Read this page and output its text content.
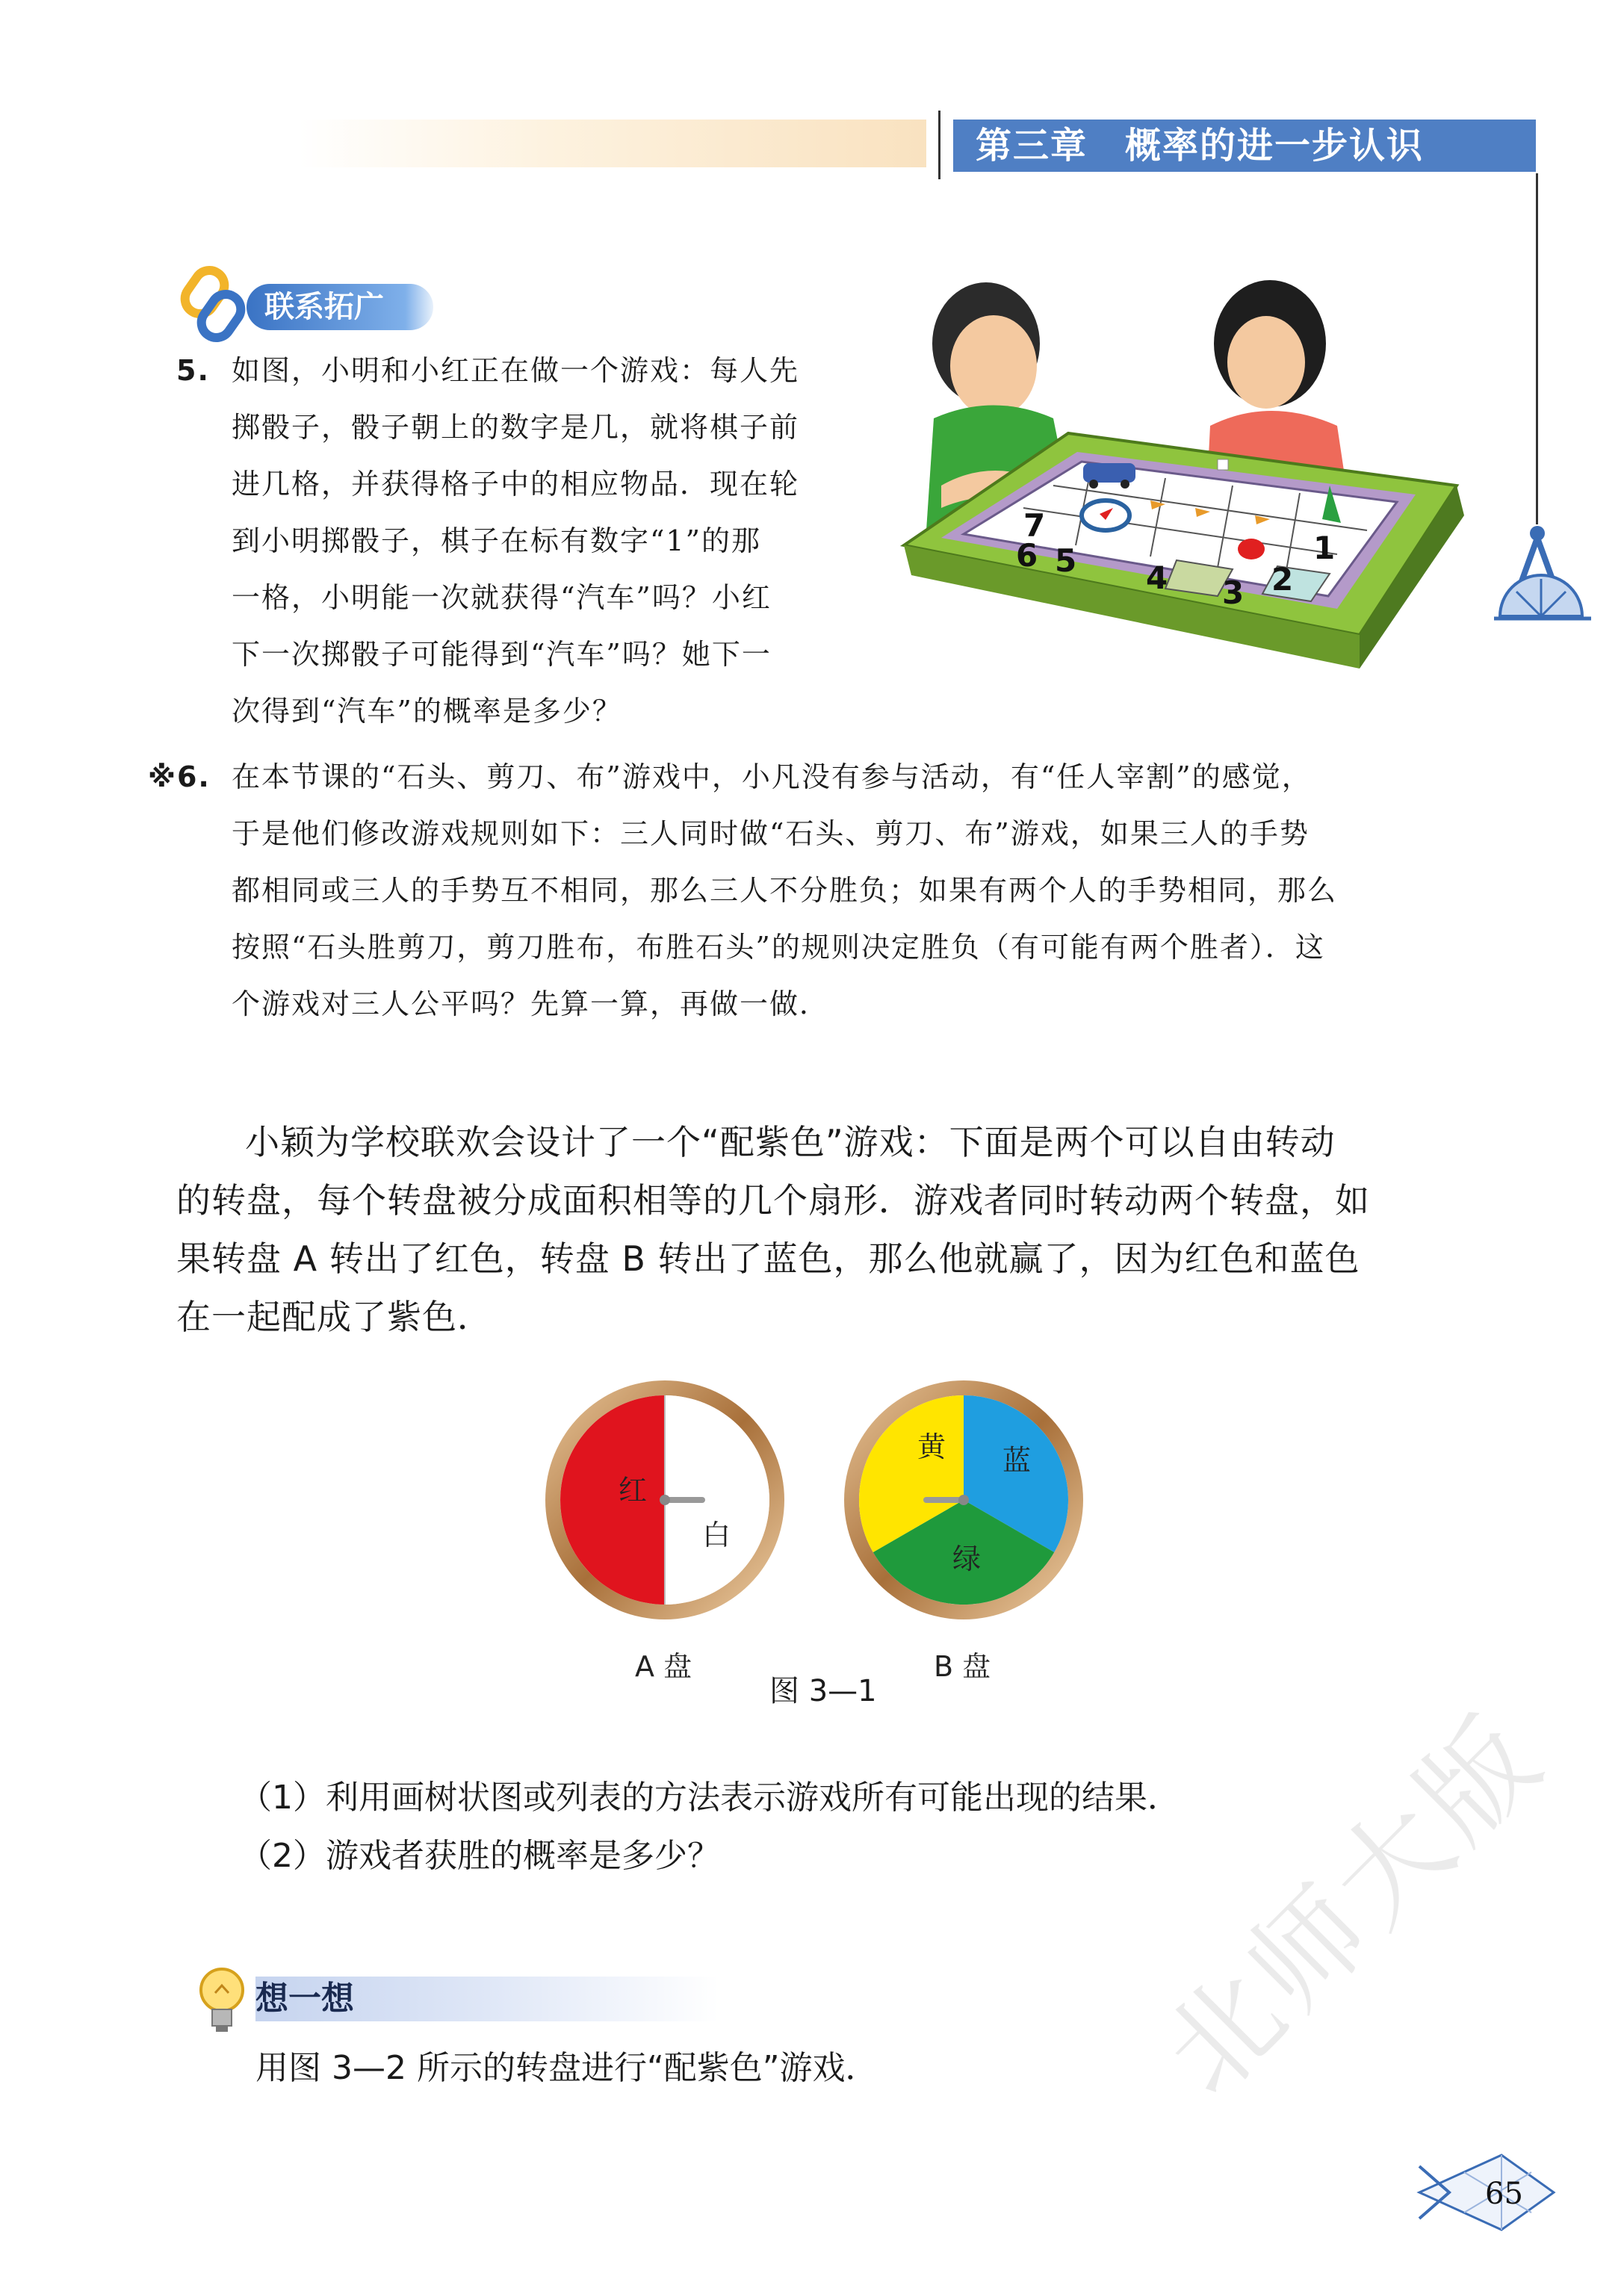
第三章　概率的进一步认识
联系拓广
5. 如图，小明和小红正在做一个游戏：每人先
掷骰子，骰子朝上的数字是几，就将棋子前
进几格，并获得格子中的相应物品．现在轮
到小明掷骰子，棋子在标有数字“1”的那
一格，小明能一次就获得“汽车”吗？小红
下一次掷骰子可能得到“汽车”吗？她下一
次得到“汽车”的概率是多少？
7
6 5 4 3 2
1
※6. 在本节课的“石头、剪刀、布”游戏中，小凡没有参与活动，有“任人宰割”的感觉，
于是他们修改游戏规则如下：三人同时做“石头、剪刀、布”游戏，如果三人的手势
都相同或三人的手势互不相同，那么三人不分胜负；如果有两个人的手势相同，那么
按照“石头胜剪刀，剪刀胜布，布胜石头”的规则决定胜负（有可能有两个胜者）．这
个游戏对三人公平吗？先算一算，再做一做．
小颖为学校联欢会设计了一个“配紫色”游戏：下面是两个可以自由转动
的转盘，每个转盘被分成面积相等的几个扇形．游戏者同时转动两个转盘，如
果转盘 A 转出了红色，转盘 B 转出了蓝色，那么他就赢了，因为红色和蓝色
在一起配成了紫色．
红
白
黄 蓝
绿
A 盘	B 盘
图 3—1
（1）利用画树状图或列表的方法表示游戏所有可能出现的结果．
（2）游戏者获胜的概率是多少？
想一想
用图 3—2 所示的转盘进行“配紫色”游戏．	北师大版
65
